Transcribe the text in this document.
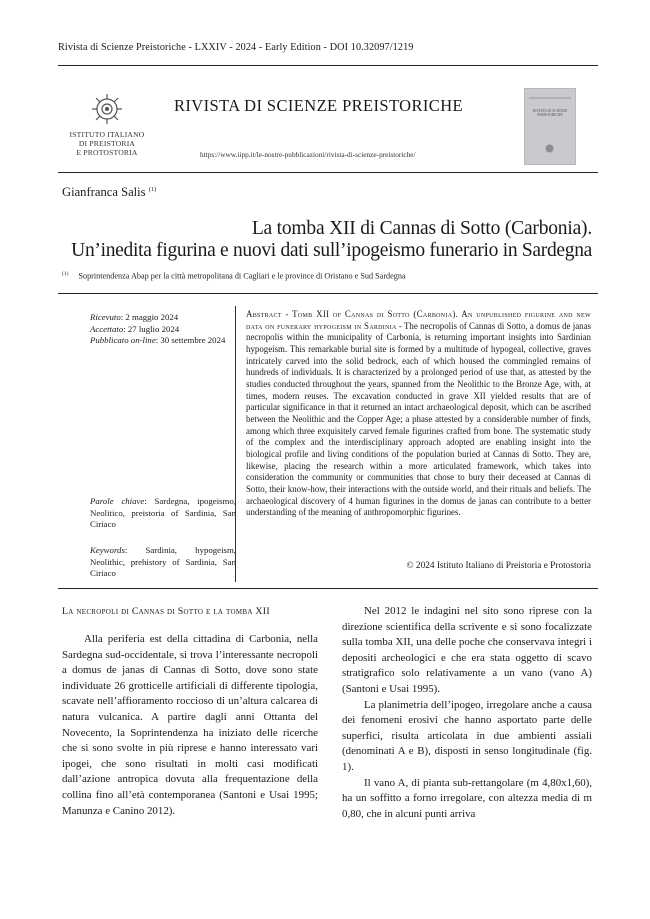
Rivista di Scienze Preistoriche - LXXIV - 2024 - Early Edition - DOI 10.32097/1219
ISTITUTO ITALIANO
DI PREISTORIA
E PROTOSTORIA
RIVISTA DI SCIENZE PREISTORICHE
https://www.iipp.it/le-nostre-pubblicazioni/rivista-di-scienze-preistoriche/
RIVISTA DI SCIENZE PREISTORICHE
Gianfranca Salis $^{(1)}$
La tomba XII di Cannas di Sotto (Carbonia).
Un’inedita figurina e nuovi dati sull’ipogeismo funerario in Sardegna
$^{(1)}$ Soprintendenza Abap per la città metropolitana di Cagliari e le province di Oristano e Sud Sardegna
Ricevuto: 2 maggio 2024
Accettato: 27 luglio 2024
Pubblicato on-line: 30 settembre 2024
Parole chiave: Sardegna, ipogeismo, Neolitico, preistoria of Sardinia, San Ciriaco
Keywords: Sardinia, hypogeism, Neolithic, prehistory of Sardinia, San Ciriaco
Abstract - Tomb XII of Cannas di Sotto (Carbonia). An unpublished figurine and new data on funerary hypogeism in Sardinia - The necropolis of Cannas di Sotto, a domus de janas necropolis within the municipality of Carbonia, is returning important insights into Sardinian hypogeism. This remarkable burial site is formed by a multitude of hypogeal, collective, graves intricately carved into the solid bedrock, each of which housed the commingled remains of hundreds of individuals. It is characterized by a prolonged period of use that, as attested by the studies conducted throughout the years, spanned from the Neolithic to the Bronze Age, with, at times, modern reuses. The excavation conducted in grave XII yielded results that are of particular significance in that it returned an intact archaeological deposit, which can be ascribed between the Neolithic and the Copper Age; a phase attested by a considerable number of finds, among which three exquisitely carved female figurines crafted from bone. The systematic study of the complex and the interdisciplinary approach adopted are enabling insight into the biological profile and living conditions of the population buried at Cannas di Sotto. They are, likewise, placing the research within a more articulated framework, which takes into consideration the community or communities that chose to bury their deceased at Cannas di Sotto, their know-how, their interactions with the outside world, and their rituals and beliefs. The archaeological discovery of 4 human figurines in the domus de janas can contribute to a better understanding of the meaning of anthropomorphic figurines.
© 2024 Istituto Italiano di Preistoria e Protostoria
La necropoli di Cannas di Sotto e la tomba XII

Alla periferia est della cittadina di Carbonia, nella Sardegna sud-occidentale, si trova l’interessante necropoli a domus de janas di Cannas di Sotto, dove sono state individuate 26 grotticelle artificiali di differente tipologia, scavate nell’affioramento roccioso di un’altura calcarea di natura vulcanica. A partire dagli anni Ottanta del Novecento, la Soprintendenza ha iniziato delle ricerche che si sono svolte in più riprese e hanno interessato vari ipogei, che sono risultati in molti casi modificati dall’azione antropica dovuta alla frequentazione della collina fino all’età contemporanea (Santoni e Usai 1995; Manunza e Canino 2012).

Nel 2012 le indagini nel sito sono riprese con la direzione scientifica della scrivente e si sono focalizzate sulla tomba XII, una delle poche che conservava integri i depositi archeologici e che era stata oggetto di scavo stratigrafico solo relativamente a un vano (vano A) (Santoni e Usai 1995).

La planimetria dell’ipogeo, irregolare anche a causa dei fenomeni erosivi che hanno asportato parte delle superfici, risulta articolata in due ambienti assiali (denominati A e B), disposti in senso longitudinale (fig. 1).

Il vano A, di pianta sub-rettangolare (m 4,80x1,60), ha un soffitto a forno irregolare, con altezza media di m 0,80, che in alcuni punti arriva
